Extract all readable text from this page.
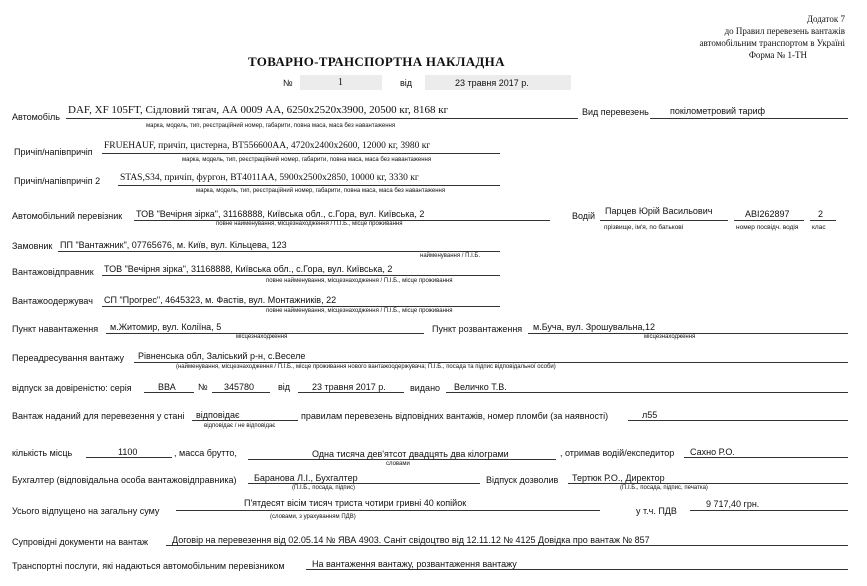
Додаток 7
до Правил перевезень вантажів
автомобільним транспортом в Україні
Форма № 1-ТН
ТОВАРНО-ТРАНСПОРТНА НАКЛАДНА
№	1	від	23 травня 2017 р.
Автомобіль
DAF, XF 105FT, Сідловий тягач, АА 0009 АА, 6250х2520х3900, 20500 кг, 8168 кг
марка, модель, тип, реєстраційний номер, габарити, повна маса, маса без навантаження
Вид перевезень покілометровий тариф
Причіп/напівпричіп
FRUEHAUF, причіп, цистерна, ВТ556600АА, 4720х2400х2600, 12000 кг, 3980 кг
марка, модель, тип, реєстраційний номер, габарити, повна маса, маса без навантаження
Причіп/напівпричіп 2 STAS,S34, причіп, фургон, ВТ4011АА, 5900х2500х2850, 10000 кг, 3330 кг
марка, модель, тип, реєстраційний номер, габарити, повна маса, маса без навантаження
Автомобільний перевізник ТОВ "Вечірня зірка", 31168888, Київська обл., с.Гора, вул. Київська, 2
повне найменування, місцезнаходження / П.І.Б., місце проживання
Водій Парцев Юрій Васильович	АВІ262897	2
прізвище, ім'я, по батькові	номер посвідч. водія клас
Замовник ПП "Вантажник", 07765676, м. Київ, вул. Кільцева, 123
найменування / П.І.Б.
Вантажовідправник ТОВ "Вечірня зірка", 31168888, Київська обл., с.Гора, вул. Київська, 2
повне найменування, місцезнаходження / П.І.Б., місце проживання
Вантажоодержувач СП "Прогрес", 4645323, м. Фастів, вул. Монтажників, 22
повне найменування, місцезнаходження / П.І.Б., місце проживання
Пункт навантаження м.Житомир, вул. Коліїна, 5
місцезнаходження
Пункт розвантаження м.Буча, вул. Зрошувальна,12
місцезнаходження
Переадресування вантажу Рівненська обл, Заліський р-н, с.Веселе
(найменування, місцезнаходження / П.І.Б., місце проживання нового вантажоодержувача; П.І.Б., посада та підпис відповідальної особи)
відпуск за довіреністю: серія	ВВА № 345780	від 23 травня 2017 р.	видано Величко Т.В.
Вантаж наданий для перевезення у стані відповідає
відповідає / не відповідає
правилам перевезень відповідних вантажів, номер пломби (за наявності)	л55
кількість місць	1100	, масса брутто,	Одна тисяча дев'ятсот двадцять два кілограми
словами
, отримав водій/експедитор Сахно Р.О.
Бухгалтер (відповідальна особа вантажовідправника) Баранова Л.І., Бухгалтер
(П.І.Б., посада, підпис)
Відпуск дозволив Тертюк Р.О., Директор
(П.І.Б., посада, підпис, печатка)
Усього відпущено на загальну суму
П'ятдесят вісім тисяч триста чотири гривні 40 копійок
(словами, з урахуванням ПДВ)
у т.ч. ПДВ
9 717,40 грн.
Супровідні документи на вантаж	Договір на перевезення від 02.05.14 № ЯВА 4903. Саніт свідоцтво від 12.11.12 № 4125 Довідка про вантаж № 857
Транспортні послуги, які надаються автомобільним перевізником	На вантаження вантажу, розвантаження вантажу
